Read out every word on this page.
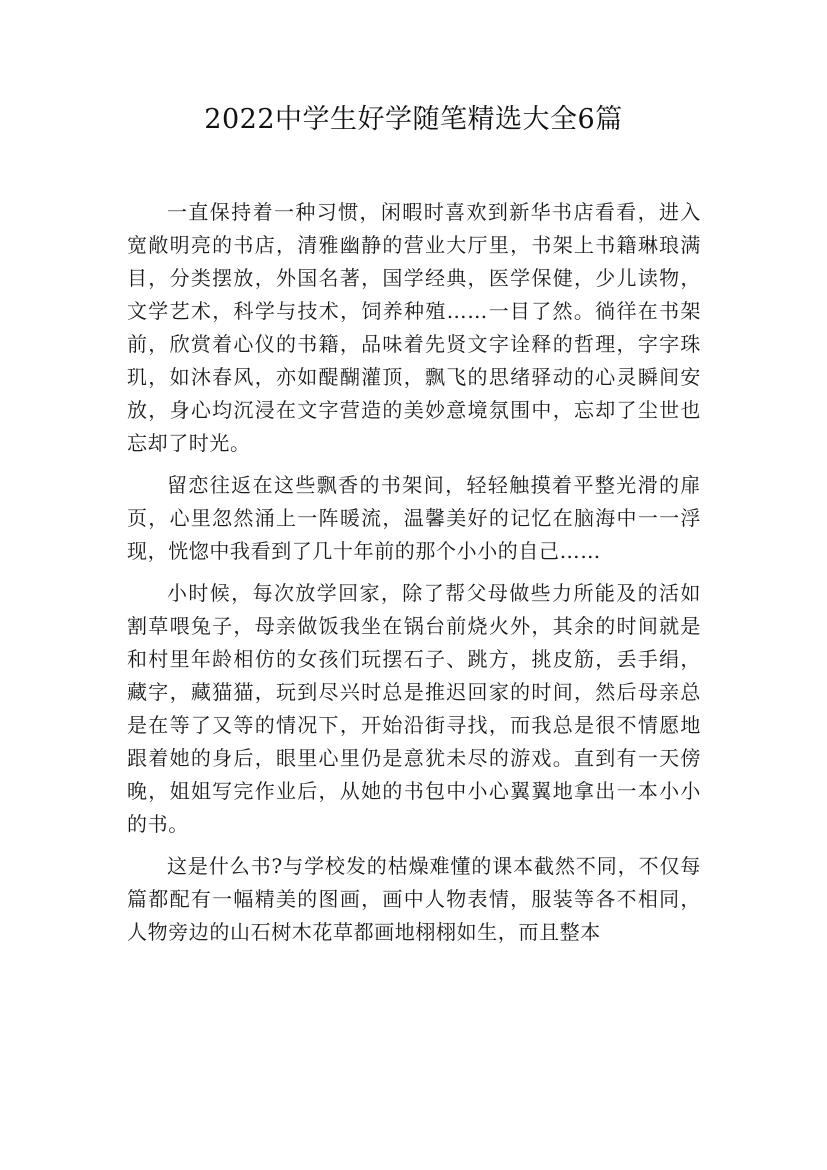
2022中学生好学随笔精选大全6篇

一直保持着一种习惯，闲暇时喜欢到新华书店看看，进入宽敞明亮的书店，清雅幽静的营业大厅里，书架上书籍琳琅满目，分类摆放，外国名著，国学经典，医学保健，少儿读物，文学艺术，科学与技术，饲养种殖……一目了然。徜徉在书架前，欣赏着心仪的书籍，品味着先贤文字诠释的哲理，字字珠玑，如沐春风，亦如醍醐灌顶，飘飞的思绪驿动的心灵瞬间安放，身心均沉浸在文字营造的美妙意境氛围中，忘却了尘世也忘却了时光。

留恋往返在这些飘香的书架间，轻轻触摸着平整光滑的扉页，心里忽然涌上一阵暖流，温馨美好的记忆在脑海中一一浮现，恍惚中我看到了几十年前的那个小小的自己……

小时候，每次放学回家，除了帮父母做些力所能及的活如割草喂兔子，母亲做饭我坐在锅台前烧火外，其余的时间就是和村里年龄相仿的女孩们玩摆石子、跳方，挑皮筋，丢手绢，藏字，藏猫猫，玩到尽兴时总是推迟回家的时间，然后母亲总是在等了又等的情况下，开始沿街寻找，而我总是很不情愿地跟着她的身后，眼里心里仍是意犹未尽的游戏。直到有一天傍晚，姐姐写完作业后，从她的书包中小心翼翼地拿出一本小小的书。

这是什么书?与学校发的枯燥难懂的课本截然不同，不仅每篇都配有一幅精美的图画，画中人物表情，服装等各不相同，人物旁边的山石树木花草都画地栩栩如生，而且整本
